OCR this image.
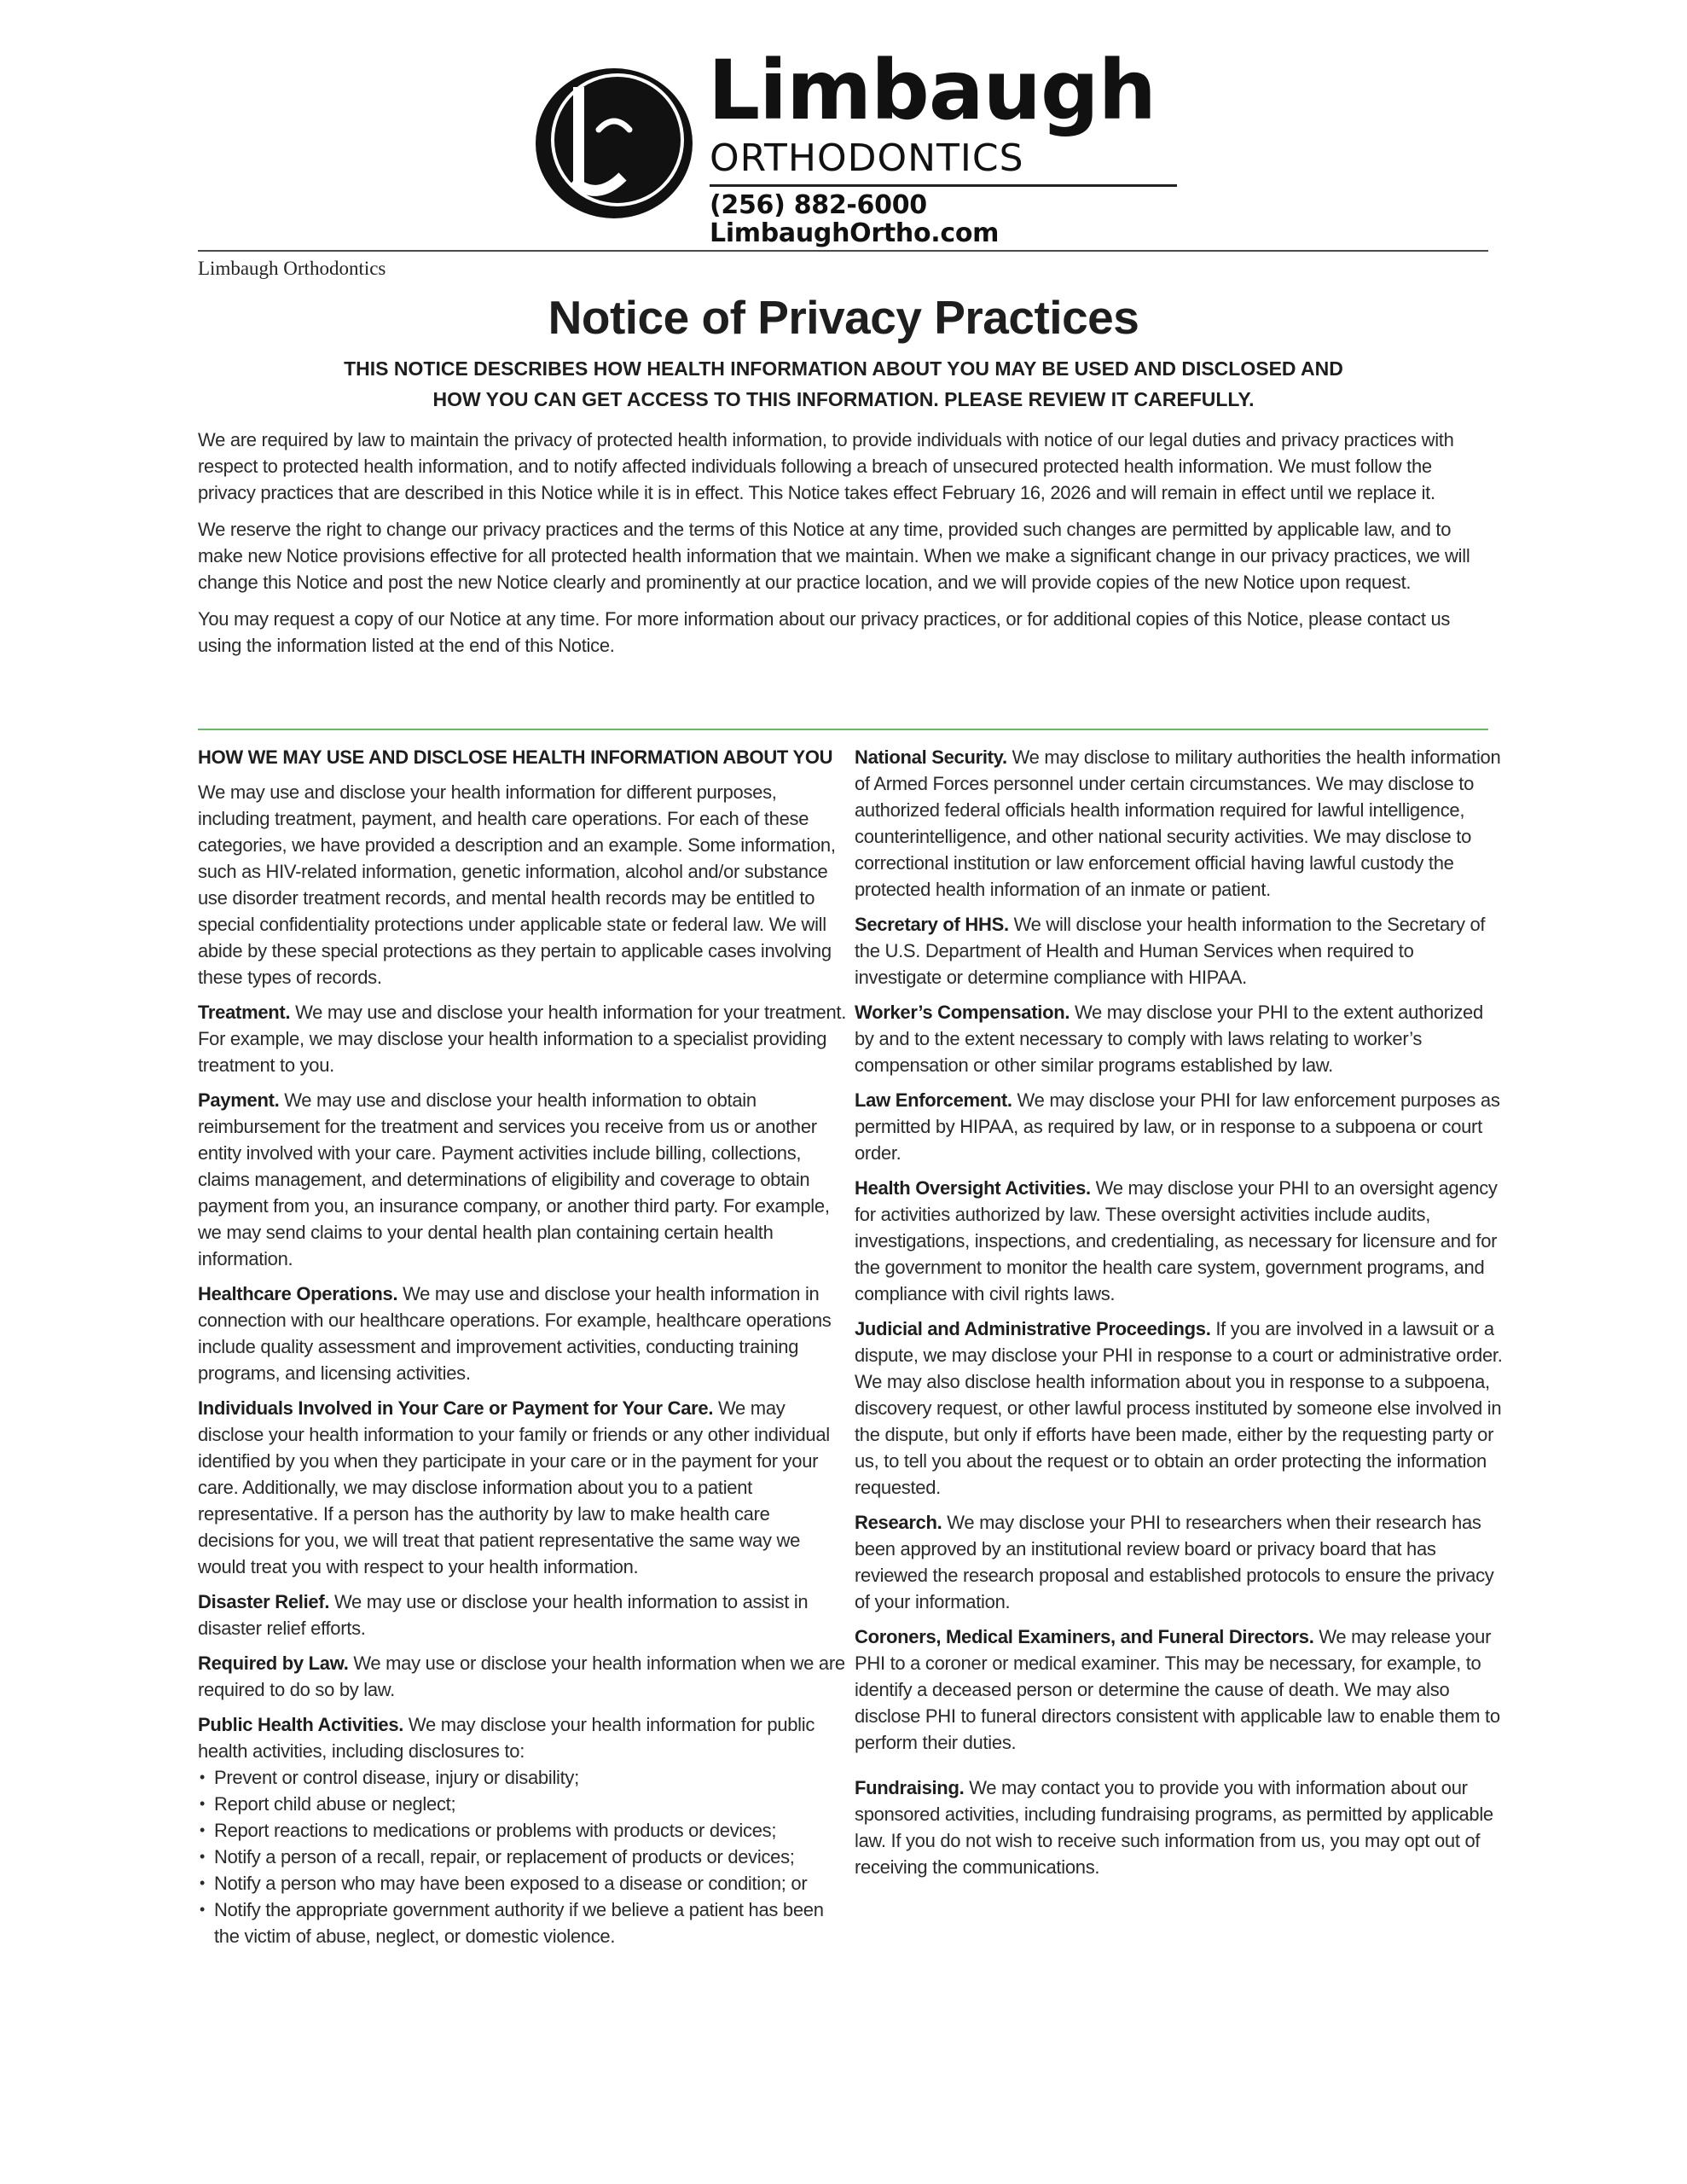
Limbaugh
ORTHODONTICS
(256) 882-6000 LimbaughOrtho.com
Limbaugh Orthodontics
Notice of Privacy Practices
THIS NOTICE DESCRIBES HOW HEALTH INFORMATION ABOUT YOU MAY BE USED AND DISCLOSED AND
HOW YOU CAN GET ACCESS TO THIS INFORMATION. PLEASE REVIEW IT CAREFULLY.

We are required by law to maintain the privacy of protected health information, to provide individuals with notice of our legal duties and privacy practices with respect to protected health information, and to notify affected individuals following a breach of unsecured protected health information. We must follow the privacy practices that are described in this Notice while it is in effect. This Notice takes effect February 16, 2026 and will remain in effect until we replace it.

We reserve the right to change our privacy practices and the terms of this Notice at any time, provided such changes are permitted by applicable law, and to make new Notice provisions effective for all protected health information that we maintain. When we make a significant change in our privacy practices, we will change this Notice and post the new Notice clearly and prominently at our practice location, and we will provide copies of the new Notice upon request.

You may request a copy of our Notice at any time. For more information about our privacy practices, or for additional copies of this Notice, please contact us using the information listed at the end of this Notice.

HOW WE MAY USE AND DISCLOSE HEALTH INFORMATION ABOUT YOU

We may use and disclose your health information for different purposes, including treatment, payment, and health care operations. For each of these categories, we have provided a description and an example. Some information, such as HIV-related information, genetic information, alcohol and/or substance use disorder treatment records, and mental health records may be entitled to special confidentiality protections under applicable state or federal law. We will abide by these special protections as they pertain to applicable cases involving these types of records.

Treatment. We may use and disclose your health information for your treatment. For example, we may disclose your health information to a specialist providing treatment to you.

Payment. We may use and disclose your health information to obtain reimbursement for the treatment and services you receive from us or another entity involved with your care. Payment activities include billing, collections, claims management, and determinations of eligibility and coverage to obtain payment from you, an insurance company, or another third party. For example, we may send claims to your dental health plan containing certain health information.

Healthcare Operations. We may use and disclose your health information in connection with our healthcare operations. For example, healthcare operations include quality assessment and improvement activities, conducting training programs, and licensing activities.

Individuals Involved in Your Care or Payment for Your Care. We may disclose your health information to your family or friends or any other individual identified by you when they participate in your care or in the payment for your care. Additionally, we may disclose information about you to a patient representative. If a person has the authority by law to make health care decisions for you, we will treat that patient representative the same way we would treat you with respect to your health information.

Disaster Relief. We may use or disclose your health information to assist in disaster relief efforts.

Required by Law. We may use or disclose your health information when we are required to do so by law.

Public Health Activities. We may disclose your health information for public health activities, including disclosures to:

• Prevent or control disease, injury or disability;
• Report child abuse or neglect;
• Report reactions to medications or problems with products or devices;
• Notify a person of a recall, repair, or replacement of products or devices;
• Notify a person who may have been exposed to a disease or condition; or
• Notify the appropriate government authority if we believe a patient has been the victim of abuse, neglect, or domestic violence.

National Security. We may disclose to military authorities the health information of Armed Forces personnel under certain circumstances. We may disclose to authorized federal officials health information required for lawful intelligence, counterintelligence, and other national security activities. We may disclose to correctional institution or law enforcement official having lawful custody the protected health information of an inmate or patient.

Secretary of HHS. We will disclose your health information to the Secretary of the U.S. Department of Health and Human Services when required to investigate or determine compliance with HIPAA.

Worker’s Compensation. We may disclose your PHI to the extent authorized by and to the extent necessary to comply with laws relating to worker’s compensation or other similar programs established by law.

Law Enforcement. We may disclose your PHI for law enforcement purposes as permitted by HIPAA, as required by law, or in response to a subpoena or court order.

Health Oversight Activities. We may disclose your PHI to an oversight agency for activities authorized by law. These oversight activities include audits, investigations, inspections, and credentialing, as necessary for licensure and for the government to monitor the health care system, government programs, and compliance with civil rights laws.

Judicial and Administrative Proceedings. If you are involved in a lawsuit or a dispute, we may disclose your PHI in response to a court or administrative order. We may also disclose health information about you in response to a subpoena, discovery request, or other lawful process instituted by someone else involved in the dispute, but only if efforts have been made, either by the requesting party or us, to tell you about the request or to obtain an order protecting the information requested.

Research. We may disclose your PHI to researchers when their research has been approved by an institutional review board or privacy board that has reviewed the research proposal and established protocols to ensure the privacy of your information.

Coroners, Medical Examiners, and Funeral Directors. We may release your PHI to a coroner or medical examiner. This may be necessary, for example, to identify a deceased person or determine the cause of death. We may also disclose PHI to funeral directors consistent with applicable law to enable them to perform their duties.

Fundraising. We may contact you to provide you with information about our sponsored activities, including fundraising programs, as permitted by applicable law. If you do not wish to receive such information from us, you may opt out of receiving the communications.
